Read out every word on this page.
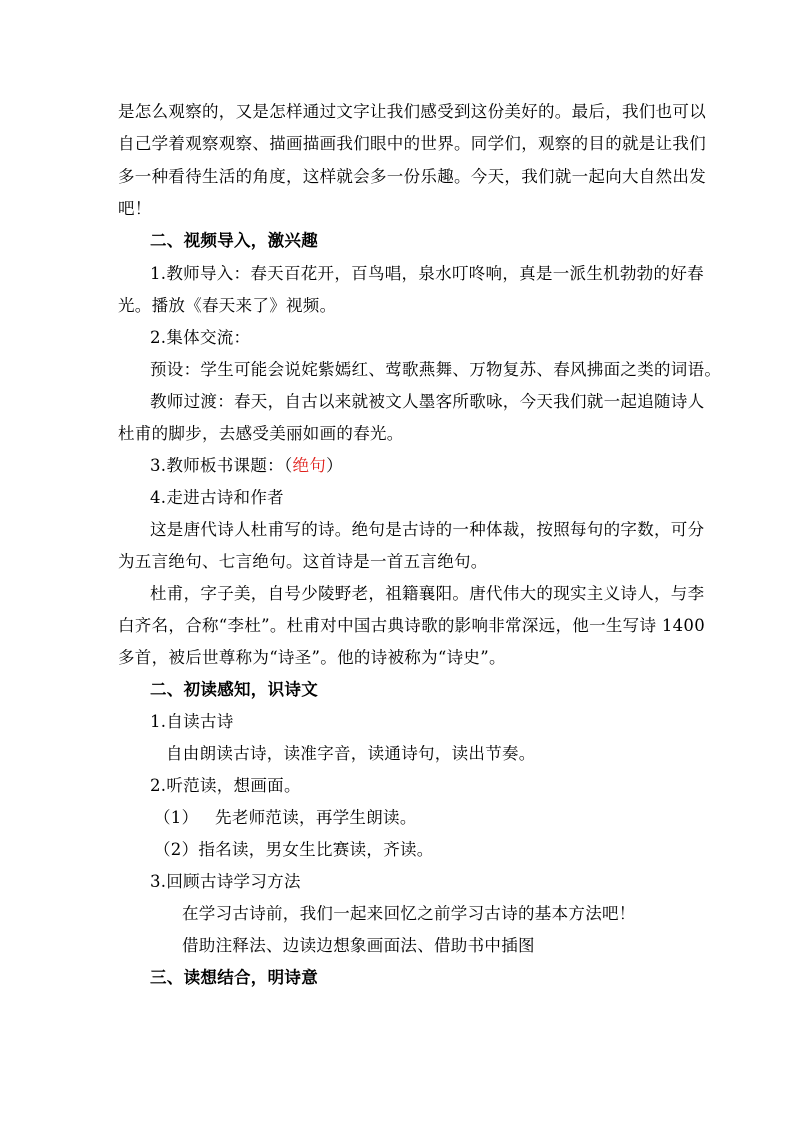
是怎么观察的，又是怎样通过文字让我们感受到这份美好的。最后，我们也可以
自己学着观察观察、描画描画我们眼中的世界。同学们，观察的目的就是让我们
多一种看待生活的角度，这样就会多一份乐趣。今天，我们就一起向大自然出发
吧！
二、视频导入，激兴趣
1.教师导入：春天百花开，百鸟唱，泉水叮咚响，真是一派生机勃勃的好春
光。播放《春天来了》视频。
2.集体交流：
预设：学生可能会说姹紫嫣红、莺歌燕舞、万物复苏、春风拂面之类的词语。
教师过渡：春天，自古以来就被文人墨客所歌咏，今天我们就一起追随诗人
杜甫的脚步，去感受美丽如画的春光。
3.教师板书课题：（绝句）
4.走进古诗和作者
这是唐代诗人杜甫写的诗。绝句是古诗的一种体裁，按照每句的字数，可分
为五言绝句、七言绝句。这首诗是一首五言绝句。
杜甫，字子美，自号少陵野老，祖籍襄阳。唐代伟大的现实主义诗人，与李
白齐名，合称“李杜”。杜甫对中国古典诗歌的影响非常深远，他一生写诗 1400
多首，被后世尊称为“诗圣”。他的诗被称为“诗史”。
二、初读感知，识诗文
1.自读古诗
自由朗读古诗，读准字音，读通诗句，读出节奏。
2.听范读，想画面。
（1）   先老师范读，再学生朗读。
（2）指名读，男女生比赛读，齐读。
3.回顾古诗学习方法
在学习古诗前，我们一起来回忆之前学习古诗的基本方法吧！
借助注释法、边读边想象画面法、借助书中插图
三、读想结合，明诗意
